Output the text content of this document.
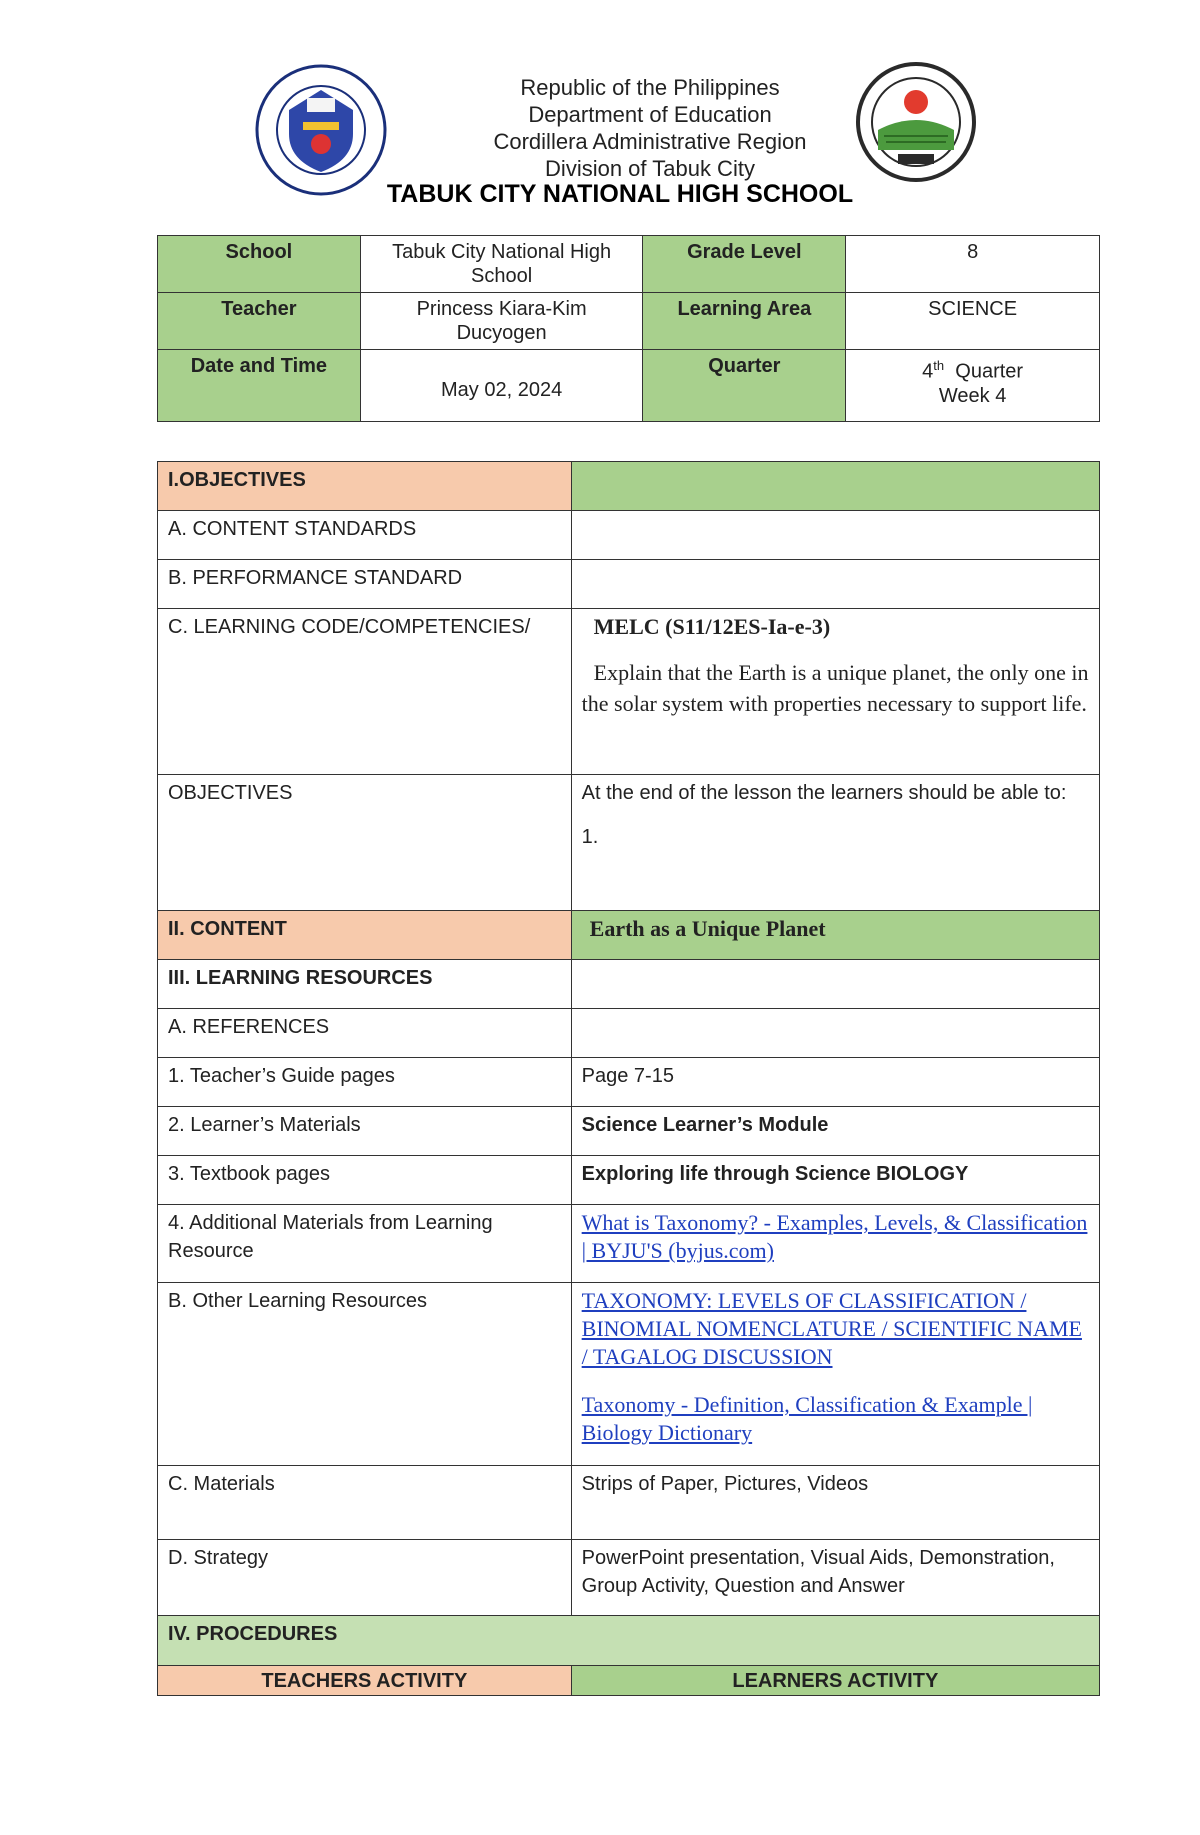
Republic of the Philippines
Department of Education
Cordillera Administrative Region
Division of Tabuk City
TABUK CITY NATIONAL HIGH SCHOOL
School	Tabuk City National High School	Grade Level	8
Teacher	Princess Kiara-Kim Ducyogen	Learning Area	SCIENCE
Date and Time	May 02, 2024	Quarter	4th Quarter
Week 4
I.OBJECTIVES	
A. CONTENT STANDARDS	
B. PERFORMANCE STANDARD	
C. LEARNING CODE/COMPETENCIES/	MELC (S11/12ES-Ia-e-3)
Explain that the Earth is a unique planet, the only one in the solar system with properties necessary to support life.

OBJECTIVES	At the end of the lesson the learners should be able to:
1.

II. CONTENT	Earth as a Unique Planet
III. LEARNING RESOURCES	
A. REFERENCES	
1. Teacher’s Guide pages	Page 7-15
2. Learner’s Materials	Science Learner’s Module
3. Textbook pages	Exploring life through Science BIOLOGY
4. Additional Materials from Learning Resource	What is Taxonomy? - Examples, Levels, & Classification | BYJU'S (byjus.com)
B. Other Learning Resources	TAXONOMY: LEVELS OF CLASSIFICATION / BINOMIAL NOMENCLATURE / SCIENTIFIC NAME / TAGALOG DISCUSSION
Taxonomy - Definition, Classification & Example | Biology Dictionary

C. Materials	Strips of Paper, Pictures, Videos
D. Strategy	PowerPoint presentation, Visual Aids, Demonstration, Group Activity, Question and Answer
IV. PROCEDURES	
TEACHERS ACTIVITY	LEARNERS ACTIVITY
